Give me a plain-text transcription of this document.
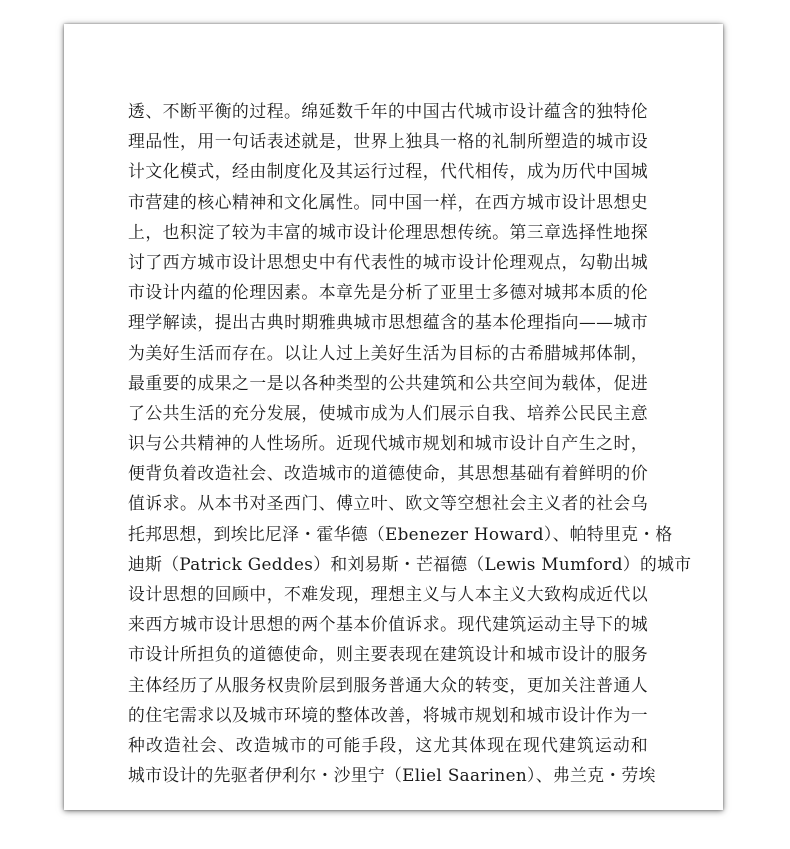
透、不断平衡的过程。绵延数千年的中国古代城市设计蕴含的独特伦
理品性，用一句话表述就是，世界上独具一格的礼制所塑造的城市设
计文化模式，经由制度化及其运行过程，代代相传，成为历代中国城
市营建的核心精神和文化属性。同中国一样，在西方城市设计思想史
上，也积淀了较为丰富的城市设计伦理思想传统。第三章选择性地探
讨了西方城市设计思想史中有代表性的城市设计伦理观点，勾勒出城
市设计内蕴的伦理因素。本章先是分析了亚里士多德对城邦本质的伦
理学解读，提出古典时期雅典城市思想蕴含的基本伦理指向——城市
为美好生活而存在。以让人过上美好生活为目标的古希腊城邦体制，
最重要的成果之一是以各种类型的公共建筑和公共空间为载体，促进
了公共生活的充分发展，使城市成为人们展示自我、培养公民民主意
识与公共精神的人性场所。近现代城市规划和城市设计自产生之时，
便背负着改造社会、改造城市的道德使命，其思想基础有着鲜明的价
值诉求。从本书对圣西门、傅立叶、欧文等空想社会主义者的社会乌
托邦思想，到埃比尼泽・霍华德（Ebenezer Howard）、帕特里克・格
迪斯（Patrick Geddes）和刘易斯・芒福德（Lewis Mumford）的城市
设计思想的回顾中，不难发现，理想主义与人本主义大致构成近代以
来西方城市设计思想的两个基本价值诉求。现代建筑运动主导下的城
市设计所担负的道德使命，则主要表现在建筑设计和城市设计的服务
主体经历了从服务权贵阶层到服务普通大众的转变，更加关注普通人
的住宅需求以及城市环境的整体改善，将城市规划和城市设计作为一
种改造社会、改造城市的可能手段，这尤其体现在现代建筑运动和
城市设计的先驱者伊利尔・沙里宁（Eliel Saarinen）、弗兰克・劳埃
